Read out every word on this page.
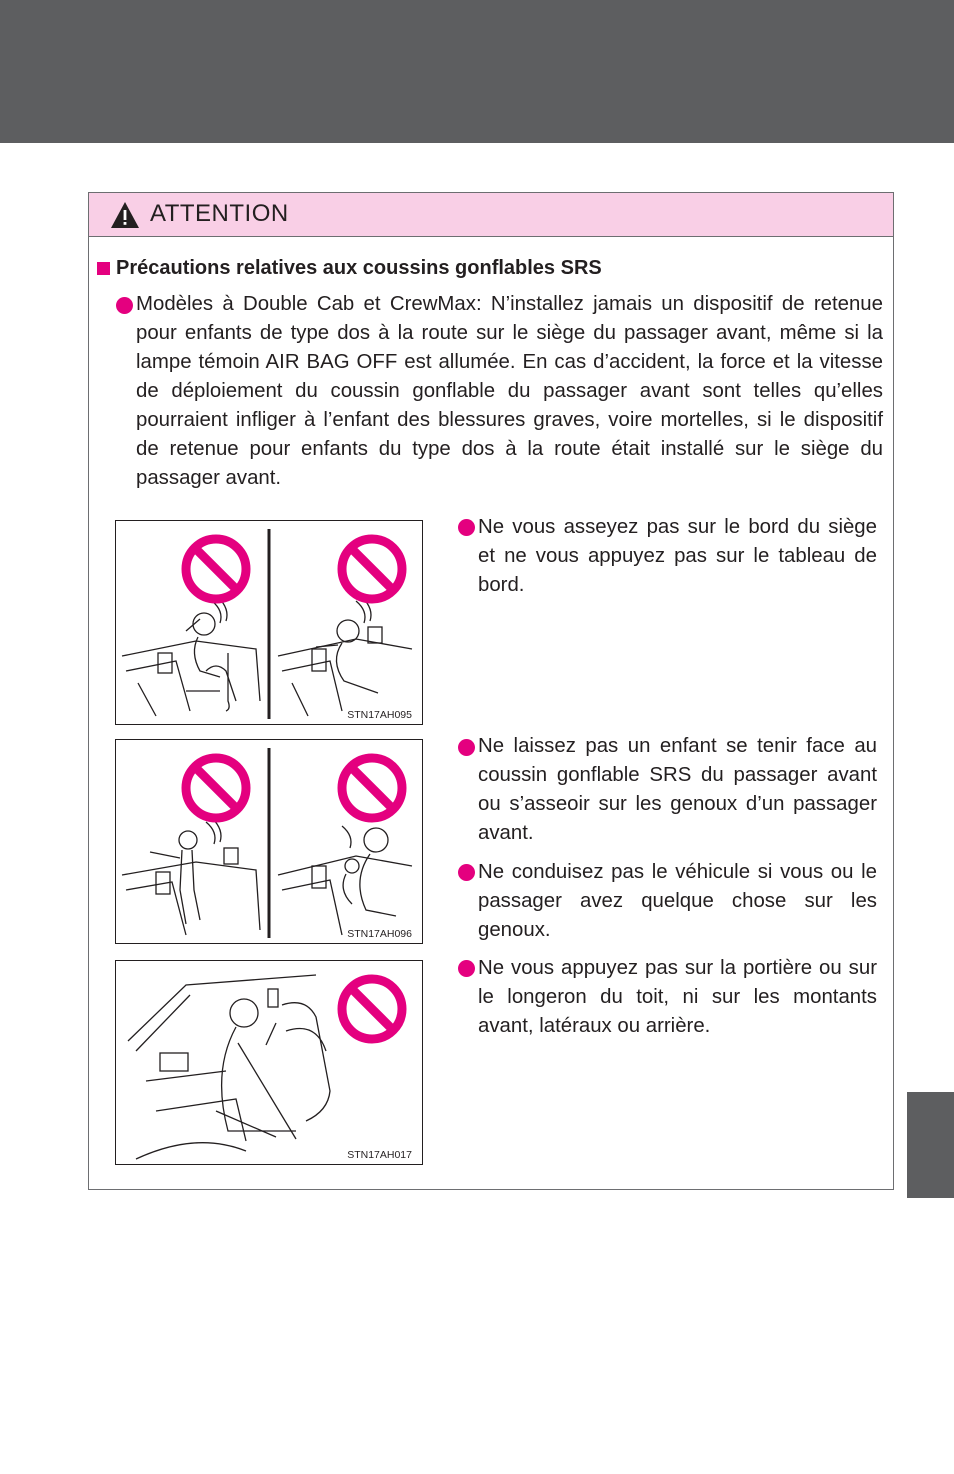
ATTENTION
Précautions relatives aux coussins gonflables SRS
Modèles à Double Cab et CrewMax: N’installez jamais un dispositif de retenue pour enfants de type dos à la route sur le siège du passager avant, même si la lampe témoin AIR BAG OFF est allumée. En cas d’accident, la force et la vitesse de déploiement du coussin gonflable du passager avant sont telles qu’elles pourraient infliger à l’enfant des blessures graves, voire mortelles, si le dispositif de retenue pour enfants du type dos à la route était installé sur le siège du passager avant.
STN17AH095
Ne vous asseyez pas sur le bord du siège et ne vous appuyez pas sur le tableau de bord.
STN17AH096
Ne laissez pas un enfant se tenir face au coussin gonflable SRS du passager avant ou s’asseoir sur les genoux d’un passager avant.
Ne conduisez pas le véhicule si vous ou le passager avez quelque chose sur les genoux.
STN17AH017
Ne vous appuyez pas sur la portière ou sur le longeron du toit, ni sur les montants avant, latéraux ou arrière.
